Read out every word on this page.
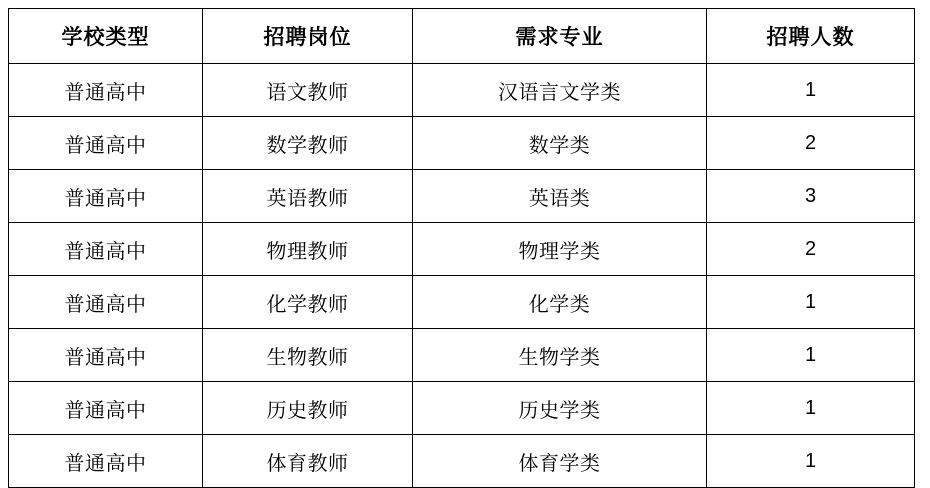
学校类型	招聘岗位	需求专业	招聘人数
普通高中	语文教师	汉语言文学类	1
普通高中	数学教师	数学类	2
普通高中	英语教师	英语类	3
普通高中	物理教师	物理学类	2
普通高中	化学教师	化学类	1
普通高中	生物教师	生物学类	1
普通高中	历史教师	历史学类	1
普通高中	体育教师	体育学类	1
